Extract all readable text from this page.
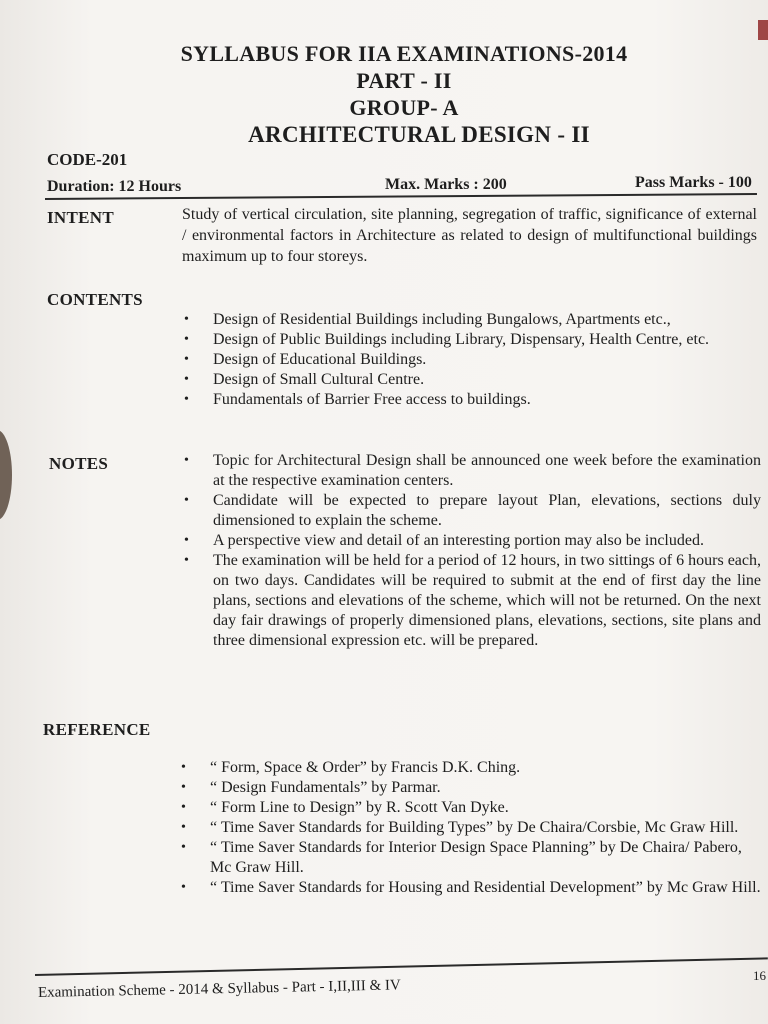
SYLLABUS FOR IIA EXAMINATIONS-2014
PART - II
GROUP- A
ARCHITECTURAL DESIGN - II
CODE-201
Duration: 12 Hours	Max. Marks : 200	Pass Marks - 100
INTENT	Study of vertical circulation, site planning, segregation of traffic, significance of external / environmental factors in Architecture as related to design of multifunctional buildings maximum up to four storeys.
CONTENTS
• Design of Residential Buildings including Bungalows, Apartments etc.,
• Design of Public Buildings including Library, Dispensary, Health Centre, etc.
• Design of Educational Buildings.
• Design of Small Cultural Centre.
• Fundamentals of Barrier Free access to buildings.
NOTES	• Topic for Architectural Design shall be announced one week before the examination at the respective examination centers.
• Candidate will be expected to prepare layout Plan, elevations, sections duly dimensioned to explain the scheme.
• A perspective view and detail of an interesting portion may also be included.
• The examination will be held for a period of 12 hours, in two sittings of 6 hours each, on two days. Candidates will be required to submit at the end of first day the line plans, sections and elevations of the scheme, which will not be returned. On the next day fair drawings of properly dimensioned plans, elevations, sections, site plans and three dimensional expression etc. will be prepared.
REFERENCE
• “ Form, Space & Order” by Francis D.K. Ching.
• “ Design Fundamentals” by Parmar.
• “ Form Line to Design” by R. Scott Van Dyke.
• “ Time Saver Standards for Building Types” by De Chaira/Corsbie, Mc Graw Hill.
• “ Time Saver Standards for Interior Design Space Planning” by De Chaira/ Pabero, Mc Graw Hill.
• “ Time Saver Standards for Housing and Residential Development” by Mc Graw Hill.
Examination Scheme - 2014 & Syllabus - Part - I,II,III & IV
16
